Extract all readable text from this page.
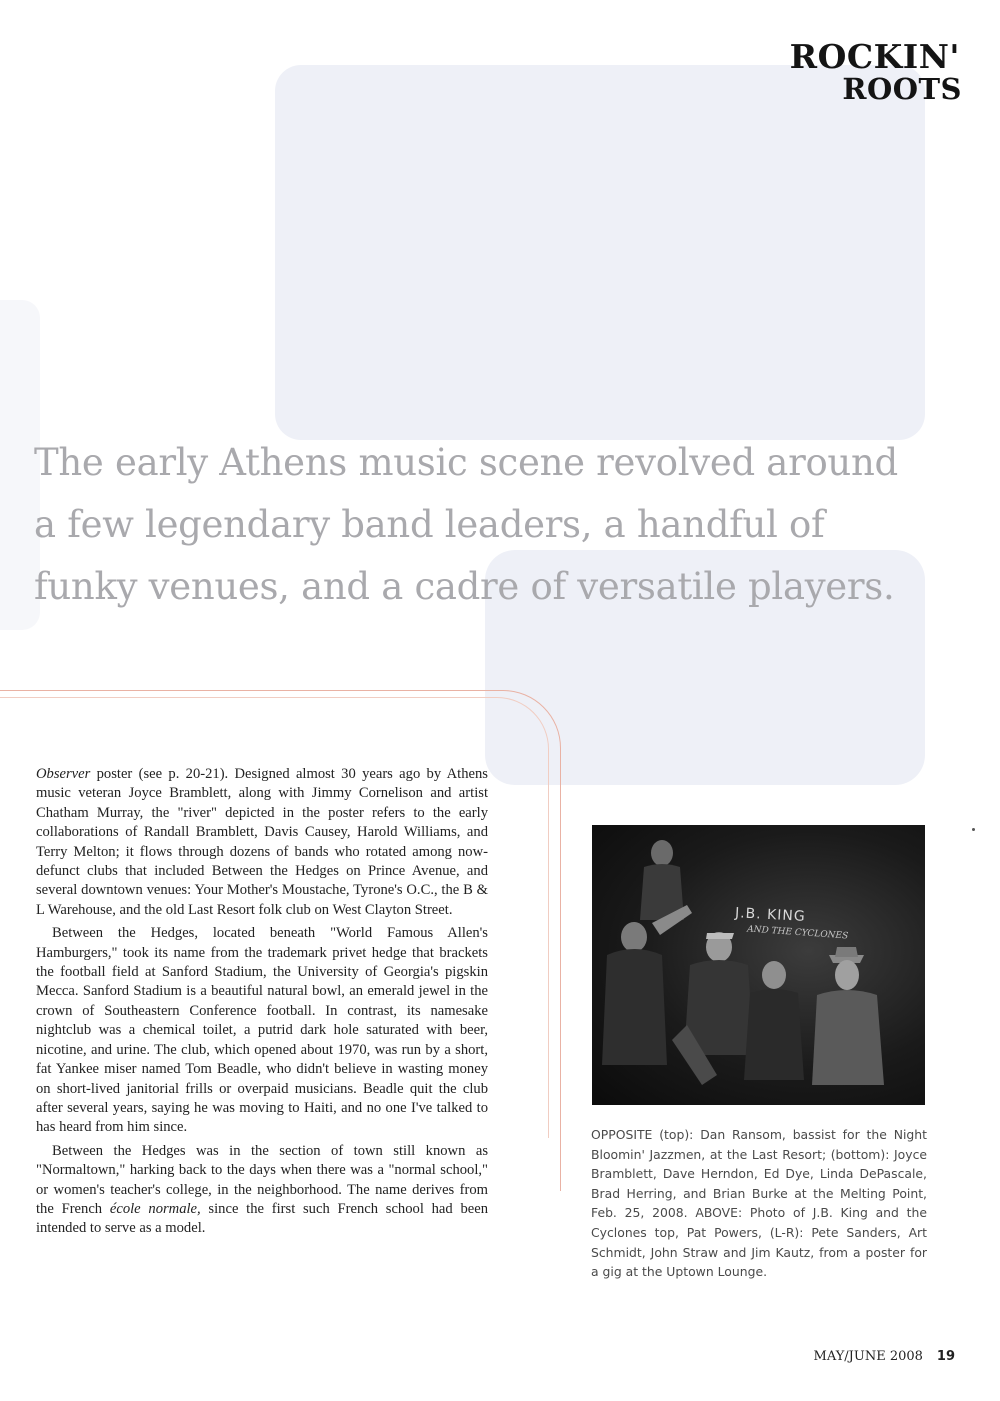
ROCKIN'
ROOTS
The early Athens music scene revolved around
a few legendary band leaders, a handful of
funky venues, and a cadre of versatile players.

Observer poster (see p. 20-21). Designed almost 30 years ago by Athens music veteran Joyce Bramblett, along with Jimmy Cornelison and artist Chatham Murray, the "river" depicted in the poster refers to the early collaborations of Randall Bramblett, Davis Causey, Harold Williams, and Terry Melton; it flows through dozens of bands who rotated among now-defunct clubs that included Between the Hedges on Prince Avenue, and several downtown venues: Your Mother's Moustache, Tyrone's O.C., the B & L Warehouse, and the old Last Resort folk club on West Clayton Street.

Between the Hedges, located beneath "World Famous Allen's Hamburgers," took its name from the trademark privet hedge that brackets the football field at Sanford Stadium, the University of Georgia's pigskin Mecca. Sanford Stadium is a beautiful natural bowl, an emerald jewel in the crown of Southeastern Conference football. In contrast, its namesake nightclub was a chemical toilet, a putrid dark hole saturated with beer, nicotine, and urine. The club, which opened about 1970, was run by a short, fat Yankee miser named Tom Beadle, who didn't believe in wasting money on short-lived janitorial frills or overpaid musicians. Beadle quit the club after several years, saying he was moving to Haiti, and no one I've talked to has heard from him since.

Between the Hedges was in the section of town still known as "Normaltown," harking back to the days when there was a "normal school," or women's teacher's college, in the neighborhood. The name derives from the French école normale, since the first such French school had been intended to serve as a model.

J.B. KING
AND THE CYCLONES
OPPOSITE (top): Dan Ransom, bassist for the Night Bloomin' Jazzmen, at the Last Resort; (bottom): Joyce Bramblett, Dave Herndon, Ed Dye, Linda DePascale, Brad Herring, and Brian Burke at the Melting Point, Feb. 25, 2008. ABOVE: Photo of J.B. King and the Cyclones top, Pat Powers, (L-R): Pete Sanders, Art Schmidt, John Straw and Jim Kautz, from a poster for a gig at the Uptown Lounge.
MAY/JUNE 2008 19
